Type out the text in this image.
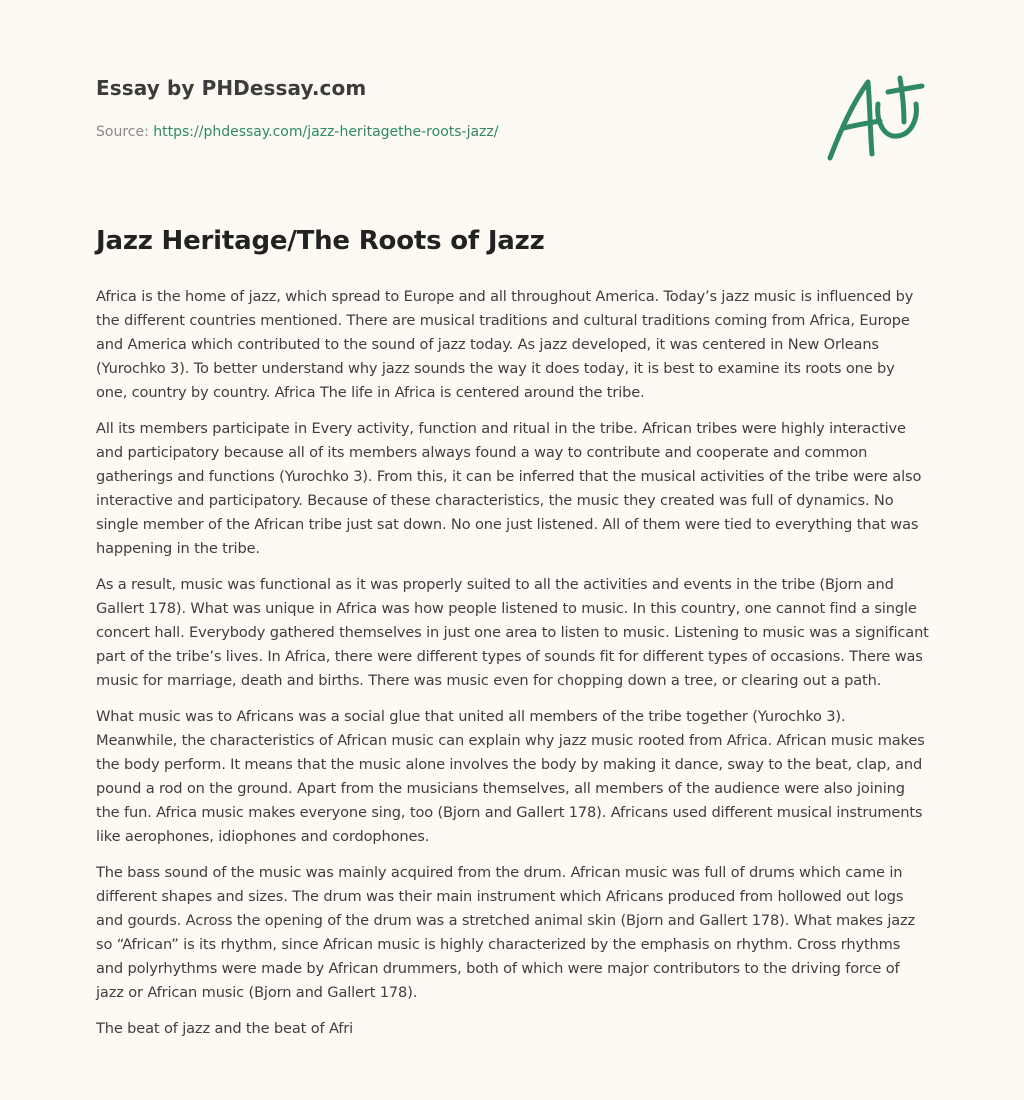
Essay by PHDessay.com
Source: https://phdessay.com/jazz-heritagethe-roots-jazz/
Jazz Heritage/The Roots of Jazz

Africa is the home of jazz, which spread to Europe and all throughout America. Today’s jazz music is influenced by the different countries mentioned. There are musical traditions and cultural traditions coming from Africa, Europe and America which contributed to the sound of jazz today. As jazz developed, it was centered in New Orleans (Yurochko 3). To better understand why jazz sounds the way it does today, it is best to examine its roots one by one, country by country. Africa The life in Africa is centered around the tribe.

All its members participate in Every activity, function and ritual in the tribe. African tribes were highly interactive and participatory because all of its members always found a way to contribute and cooperate and common gatherings and functions (Yurochko 3). From this, it can be inferred that the musical activities of the tribe were also interactive and participatory. Because of these characteristics, the music they created was full of dynamics. No single member of the African tribe just sat down. No one just listened. All of them were tied to everything that was happening in the tribe.

As a result, music was functional as it was properly suited to all the activities and events in the tribe (Bjorn and Gallert 178). What was unique in Africa was how people listened to music. In this country, one cannot find a single concert hall. Everybody gathered themselves in just one area to listen to music. Listening to music was a significant part of the tribe’s lives. In Africa, there were different types of sounds fit for different types of occasions. There was music for marriage, death and births. There was music even for chopping down a tree, or clearing out a path.

What music was to Africans was a social glue that united all members of the tribe together (Yurochko 3). Meanwhile, the characteristics of African music can explain why jazz music rooted from Africa. African music makes the body perform. It means that the music alone involves the body by making it dance, sway to the beat, clap, and pound a rod on the ground. Apart from the musicians themselves, all members of the audience were also joining the fun. Africa music makes everyone sing, too (Bjorn and Gallert 178). Africans used different musical instruments like aerophones, idiophones and cordophones.

The bass sound of the music was mainly acquired from the drum. African music was full of drums which came in different shapes and sizes. The drum was their main instrument which Africans produced from hollowed out logs and gourds. Across the opening of the drum was a stretched animal skin (Bjorn and Gallert 178). What makes jazz so “African” is its rhythm, since African music is highly characterized by the emphasis on rhythm. Cross rhythms and polyrhythms were made by African drummers, both of which were major contributors to the driving force of jazz or African music (Bjorn and Gallert 178).

The beat of jazz and the beat of Afri
